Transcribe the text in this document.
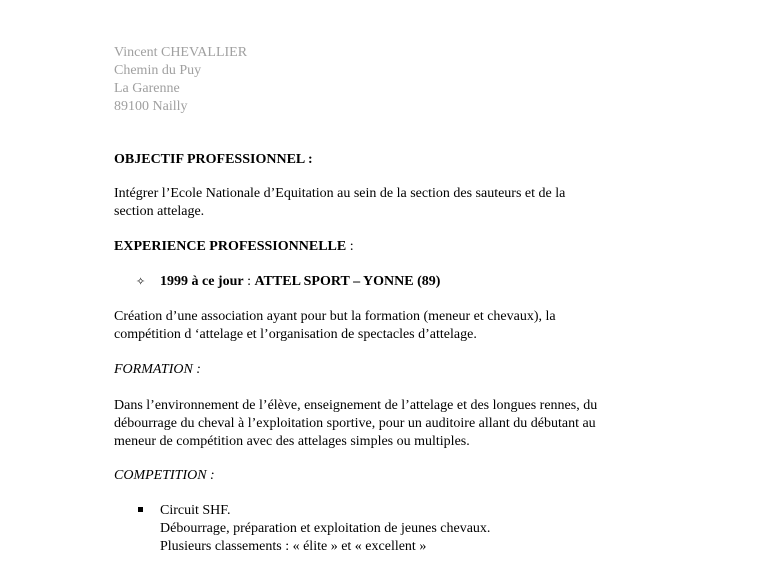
Vincent CHEVALLIER
Chemin du Puy
La Garenne
89100 Nailly
OBJECTIF PROFESSIONNEL :
Intégrer l’Ecole Nationale d’Equitation au sein de la section des sauteurs et de la
section attelage.
EXPERIENCE PROFESSIONNELLE :
✧ 1999 à ce jour : ATTEL SPORT – YONNE (89)
Création d’une association ayant pour but la formation (meneur et chevaux), la
compétition d ‘attelage et l’organisation de spectacles d’attelage.
FORMATION :
Dans l’environnement de l’élève, enseignement de l’attelage et des longues rennes, du
débourrage du cheval à l’exploitation sportive, pour un auditoire allant du débutant au
meneur de compétition avec des attelages simples ou multiples.
COMPETITION :
Circuit SHF.
Débourrage, préparation et exploitation de jeunes chevaux.
Plusieurs classements : « élite » et « excellent »
